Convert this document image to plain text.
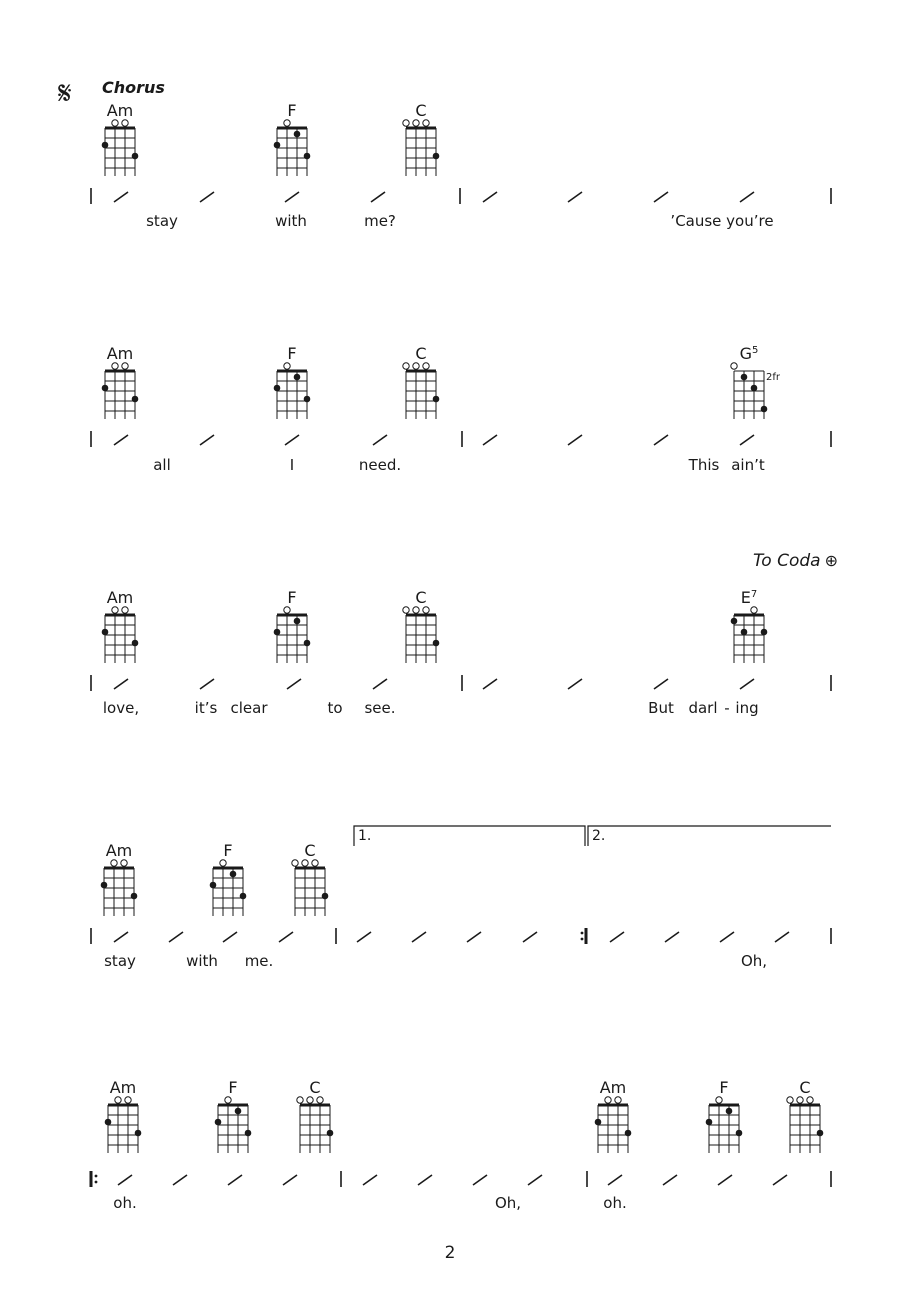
𝄋 Chorus
To Coda ⊕
Am	F	C
stay	with	me?	’Cause you’re
Am	F	C	$G^5$
2fr
all	I	need.	This ain’t
Am	F	C	$E^7$
love,	it’s clear	to see.	But darl - ing
1.	2.
Am	F	C
stay	with me.	Oh,
Am	F	C	Am	F	C
oh.	Oh,	oh.
2
